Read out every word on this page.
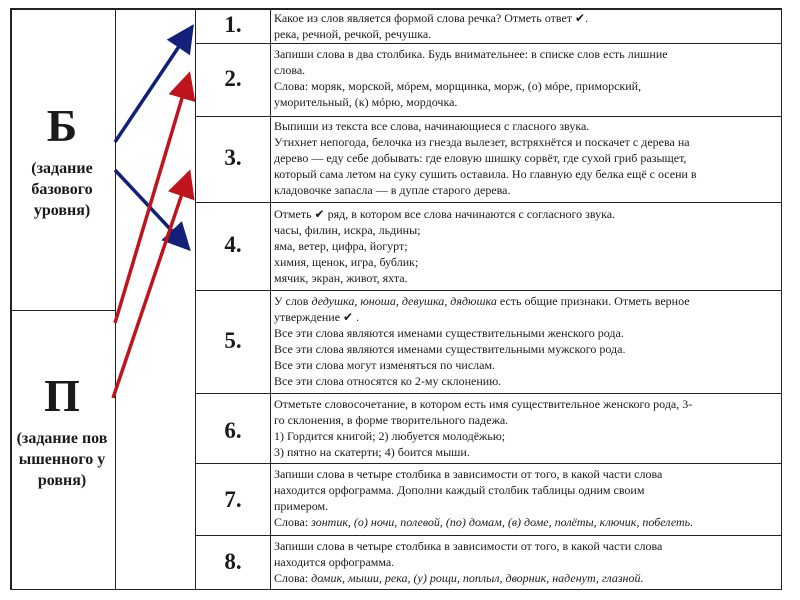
Б
(задание базового уровня)
П
(задание повышенного уровня)
1.
2.
3.
4.
5.
6.
7.
8.

Какое из слов является формой слова речка? Отметь ответ ✔.

река, речной, речкой, речушка.

Запиши слова в два столбика. Будь внимательнее: в списке слов есть лишние

слова.

Слова: моряк, морской, мóрем, морщинка, морж, (о) мóре, приморский,

уморительный, (к) мóрю, мордочка.

Выпиши из текста все слова, начинающиеся с гласного звука.

Утихнет непогода, белочка из гнезда вылезет, встряхнётся и поскачет с дерева на

дерево — еду себе добывать: где еловую шишку сорвёт, где сухой гриб разыщет,

который сама летом на суку сушить оставила. Но главную еду белка ещё с осени в

кладовочке запасла — в дупле старого дерева.

Отметь ✔ ряд, в котором все слова начинаются с согласного звука.

часы, филин, искра, льдины;

яма, ветер, цифра, йогурт;

химия, щенок, игра, бублик;

мячик, экран, живот, яхта.

У слов дедушка, юноша, девушка, дядюшка есть общие признаки. Отметь верное

утверждение ✔ .

Все эти слова являются именами существительными женского рода.

Все эти слова являются именами существительными мужского рода.

Все эти слова могут изменяться по числам.

Все эти слова относятся ко 2-му склонению.

Отметьте словосочетание, в котором есть имя существительное женского рода, 3-

го склонения, в форме творительного падежа.

1) Гордится книгой; 2) любуется молодёжью;

3) пятно на скатерти; 4) боится мыши.

Запиши слова в четыре столбика в зависимости от того, в какой части слова

находится орфограмма. Дополни каждый столбик таблицы одним своим

примером.

Слова: зонтик, (о) ночи, полевой, (по) домам, (в) доме, полёты, ключик, побелеть.

Запиши слова в четыре столбика в зависимости от того, в какой части слова

находится орфограмма.

Слова: домик, мыши, река, (у) рощи, поплыл, дворник, наденут, глазной.
